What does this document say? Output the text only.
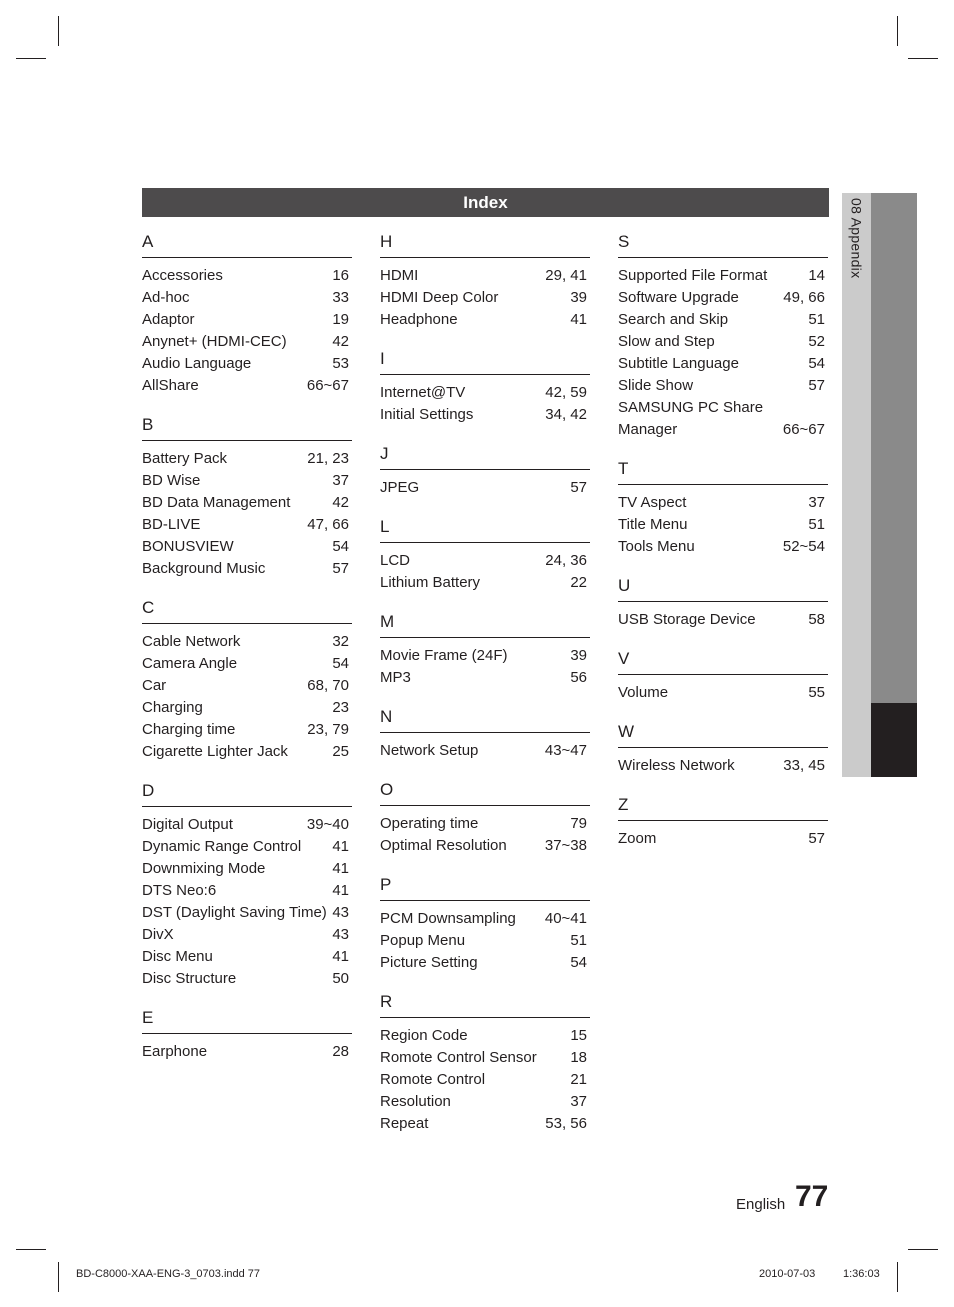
Index
A
Accessories	16
Ad-hoc	33
Adaptor	19
Anynet+ (HDMI-CEC)	42
Audio Language	53
AllShare	66~67
B
Battery Pack	21, 23
BD Wise	37
BD Data Management	42
BD-LIVE	47, 66
BONUSVIEW	54
Background Music	57
C
Cable Network	32
Camera Angle	54
Car	68, 70
Charging	23
Charging time	23, 79
Cigarette Lighter Jack	25
D
Digital Output	39~40
Dynamic Range Control 41
Downmixing Mode	41
DTS Neo:6	41
DST (Daylight Saving Time) 43
DivX	43
Disc Menu	41
Disc Structure	50
E
Earphone	28
H
HDMI	29, 41
HDMI Deep Color	39
Headphone	41
I
Internet@TV	42, 59
Initial Settings	34, 42
J
JPEG	57
L
LCD	24, 36
Lithium Battery	22
M
Movie Frame (24F)	39
MP3	56
N
Network Setup	43~47
O
Operating time	79
Optimal Resolution	37~38
P
PCM Downsampling 40~41
Popup Menu	51
Picture Setting	54
R
Region Code	15
Romote Control Sensor 18
Romote Control	21
Resolution	37
Repeat	53, 56
S
Supported File Format	14
Software Upgrade	49, 66
Search and Skip	51
Slow and Step	52
Subtitle Language	54
Slide Show	57
SAMSUNG PC Share Manager	66~67
T
TV Aspect	37
Title Menu	51
Tools Menu	52~54
U
USB Storage Device	58
V
Volume	55
W
Wireless Network	33, 45
Z
Zoom	57
08 Appendix
English 77
BD-C8000-XAA-ENG-3_0703.indd 77	2010-07-03	1:36:03
